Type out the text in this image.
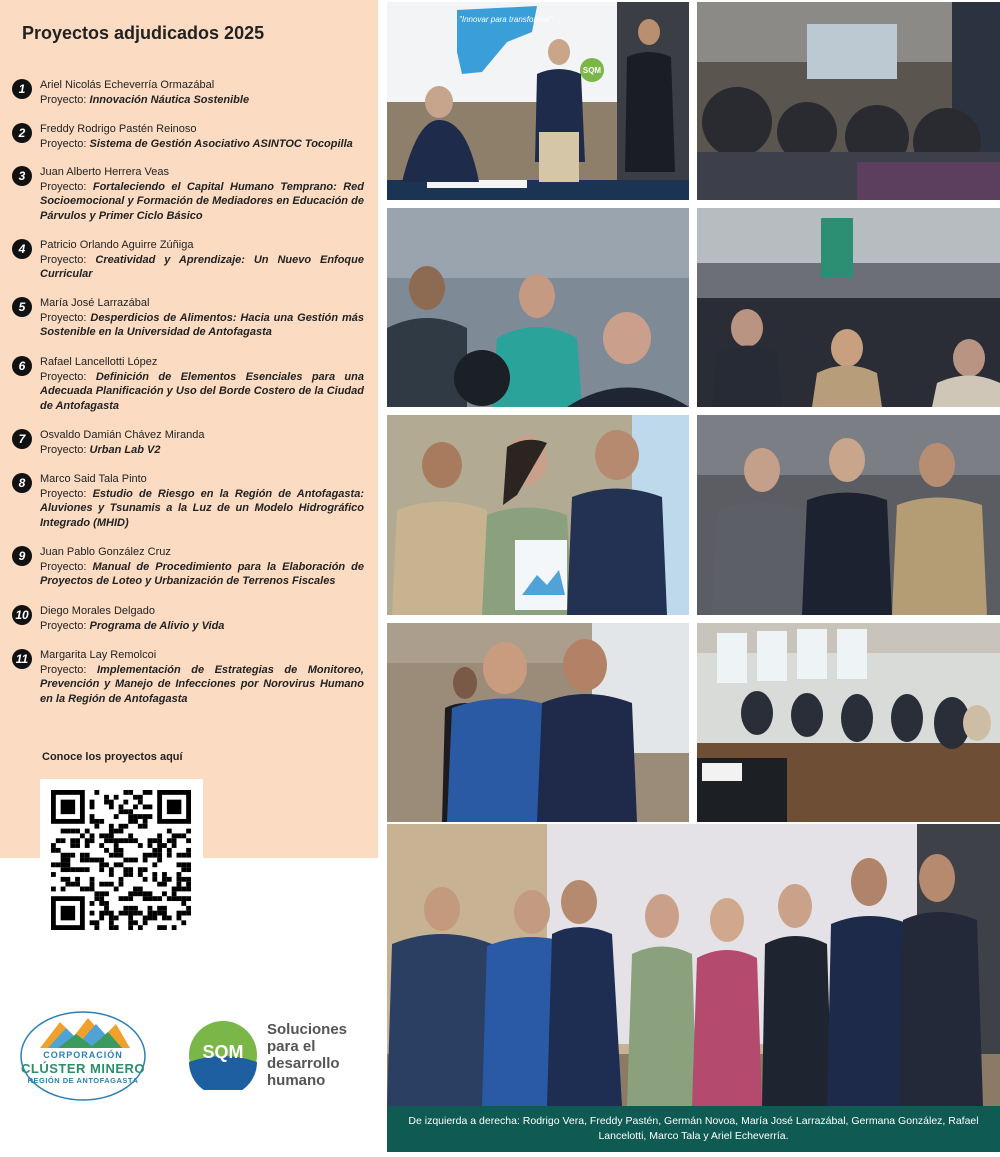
Proyectos adjudicados 2025
1	Ariel Nicolás Echeverría Ormazábal
Proyecto: Innovación Náutica Sostenible
2	Freddy Rodrigo Pastén Reinoso
Proyecto: Sistema de Gestión Asociativo ASINTOC Tocopilla
3	Juan Alberto Herrera Veas
Proyecto: Fortaleciendo el Capital Humano Temprano: Red Socioemocional y Formación de Mediadores en Educación de Párvulos y Primer Ciclo Básico
4	Patricio Orlando Aguirre Zúñiga
Proyecto: Creatividad y Aprendizaje: Un Nuevo Enfoque Curricular
5	María José Larrazábal
Proyecto: Desperdicios de Alimentos: Hacia una Gestión más Sostenible en la Universidad de Antofagasta
6	Rafael Lancellotti López
Proyecto: Definición de Elementos Esenciales para una Adecuada Planificación y Uso del Borde Costero de la Ciudad de Antofagasta
7	Osvaldo Damián Chávez Miranda
Proyecto: Urban Lab V2
8	Marco Said Tala Pinto
Proyecto: Estudio de Riesgo en la Región de Antofagasta: Aluviones y Tsunamis a la Luz de un Modelo Hidrográfico Integrado (MHID)
9	Juan Pablo González Cruz
Proyecto: Manual de Procedimiento para la Elaboración de Proyectos de Loteo y Urbanización de Terrenos Fiscales
10	Diego Morales Delgado
Proyecto: Programa de Alivio y Vida
11	Margarita Lay Remolcoi
Proyecto: Implementación de Estrategias de Monitoreo, Prevención y Manejo de Infecciones por Norovirus Humano en la Región de Antofagasta
Conoce los proyectos aquí
CORPORACIÓN
CLÚSTER MINERO
REGIÓN DE ANTOFAGASTA
SQM
Soluciones
para el
desarrollo
humano
"Innovar para transformar"
SQM
De izquierda a derecha: Rodrigo Vera, Freddy Pastén, Germán Novoa, María José Larrazábal, Germana González, Rafael Lancelotti, Marco Tala y Ariel Echeverría.
